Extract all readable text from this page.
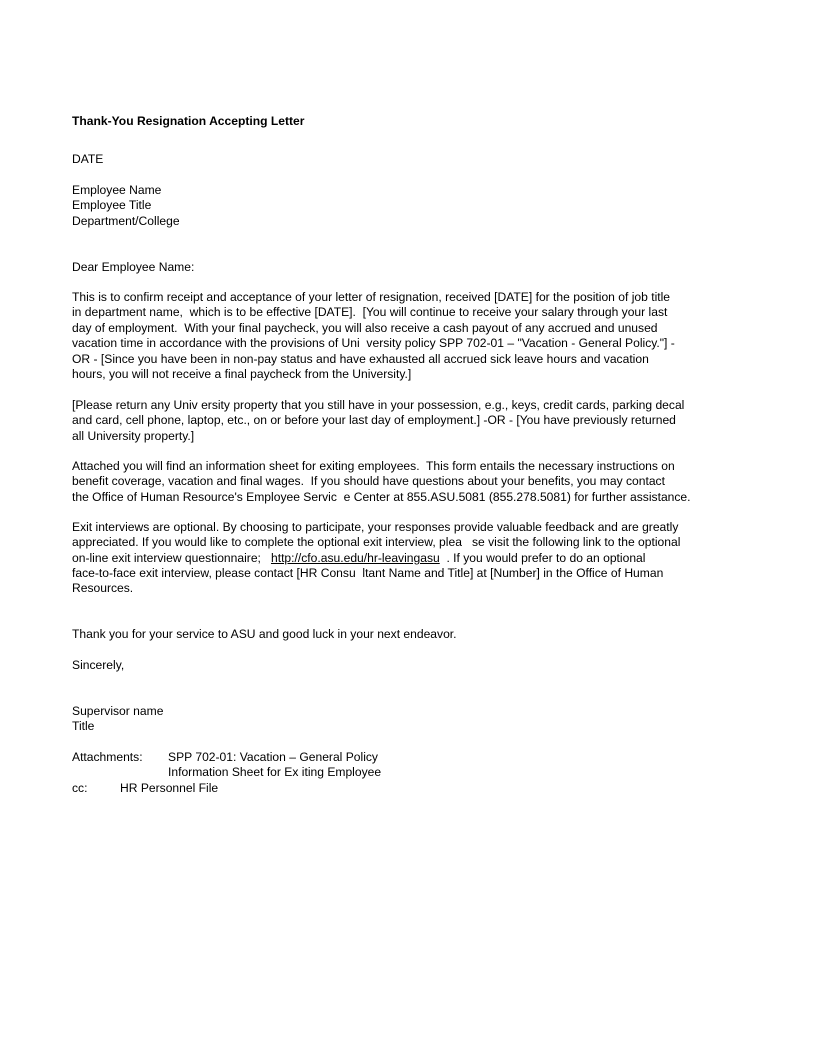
Thank-You Resignation Accepting Letter
DATE
Employee Name
Employee Title
Department/College
Dear Employee Name:
This is to confirm receipt and acceptance of your letter of resignation, received [DATE] for the position of job title
in department name,  which is to be effective [DATE].  [You will continue to receive your salary through your last
day of employment.  With your final paycheck, you will also receive a cash payout of any accrued and unused
vacation time in accordance with the provisions of Uni  versity policy SPP 702-01 – "Vacation - General Policy."] -
OR - [Since you have been in non-pay status and have exhausted all accrued sick leave hours and vacation
hours, you will not receive a final paycheck from the University.]
[Please return any Univ ersity property that you still have in your possession, e.g., keys, credit cards, parking decal
and card, cell phone, laptop, etc., on or before your last day of employment.] -OR - [You have previously returned
all University property.]
Attached you will find an information sheet for exiting employees.  This form entails the necessary instructions on
benefit coverage, vacation and final wages.  If you should have questions about your benefits, you may contact
the Office of Human Resource's Employee Servic  e Center at 855.ASU.5081 (855.278.5081) for further assistance.
Exit interviews are optional. By choosing to participate, your responses provide valuable feedback and are greatly
appreciated. If you would like to complete the optional exit interview, plea   se visit the following link to the optional
on-line exit interview questionnaire;   http://cfo.asu.edu/hr-leavingasu  . If you would prefer to do an optional
face-to-face exit interview, please contact [HR Consu  ltant Name and Title] at [Number] in the Office of Human
Resources.
Thank you for your service to ASU and good luck in your next endeavor.
Sincerely,
Supervisor name
Title
Attachments: SPP 702-01: Vacation – General Policy
Information Sheet for Ex iting Employee
cc:	HR Personnel File
